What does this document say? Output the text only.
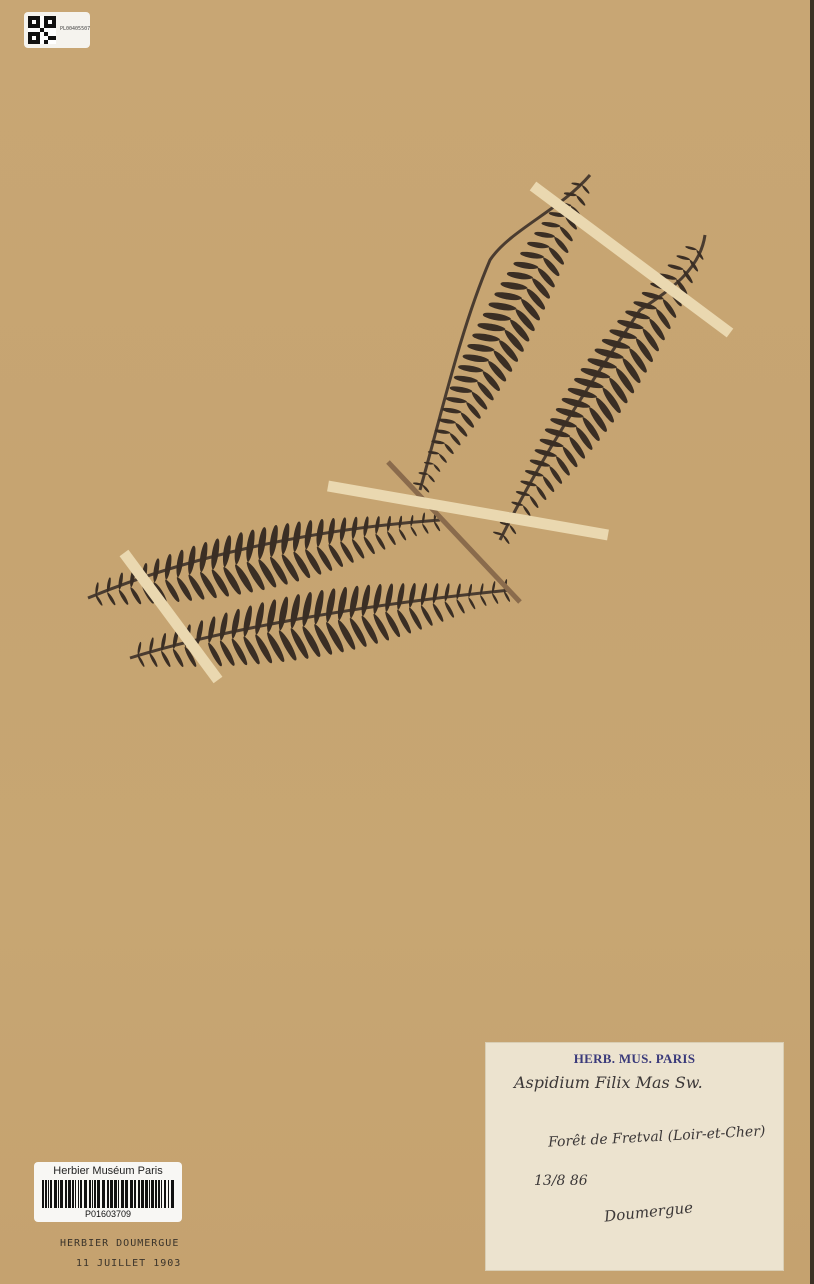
PL00405507
HERB. MUS. PARIS
Aspidium Filix Mas Sw.
Forêt de Fretval (Loir-et-Cher)
13/8 86
Doumergue
Herbier Muséum Paris
P01603709
HERBIER DOUMERGUE
11 JUILLET 1903
